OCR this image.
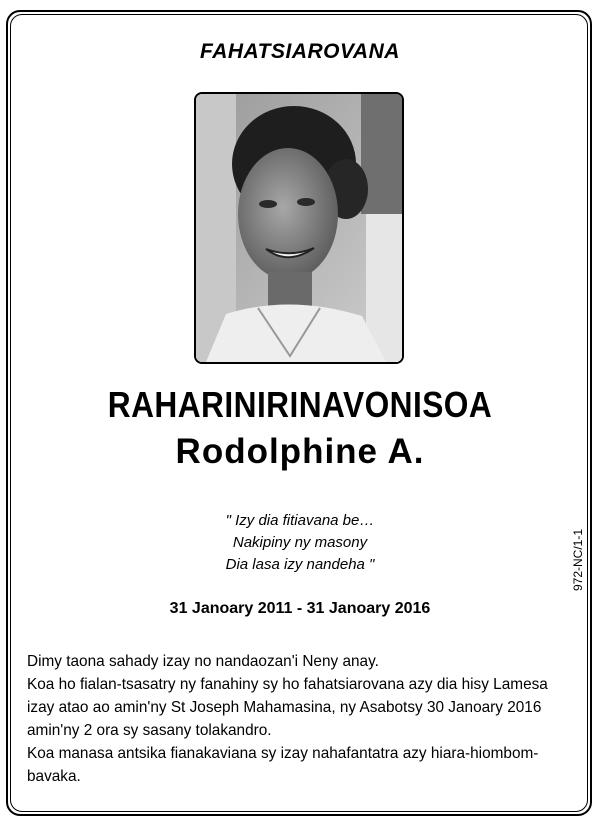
FAHATSIAROVANA
RAHARINIRINAVONISOA
Rodolphine A.
" Izy dia fitiavana be…
Nakipiny ny masony
Dia lasa izy nandeha "
31 Janoary 2011 - 31 Janoary 2016
972-NC/1-1
Dimy taona sahady izay no nandaozan'i Neny anay.
Koa ho fialan-tsasatry ny fanahiny sy ho fahatsiarovana azy dia hisy Lamesa
izay atao ao amin'ny St Joseph Mahamasina, ny Asabotsy 30 Janoary 2016
amin'ny 2 ora sy sasany tolakandro.
Koa manasa antsika fianakaviana sy izay nahafantatra azy hiara-hiombom-
bavaka.
